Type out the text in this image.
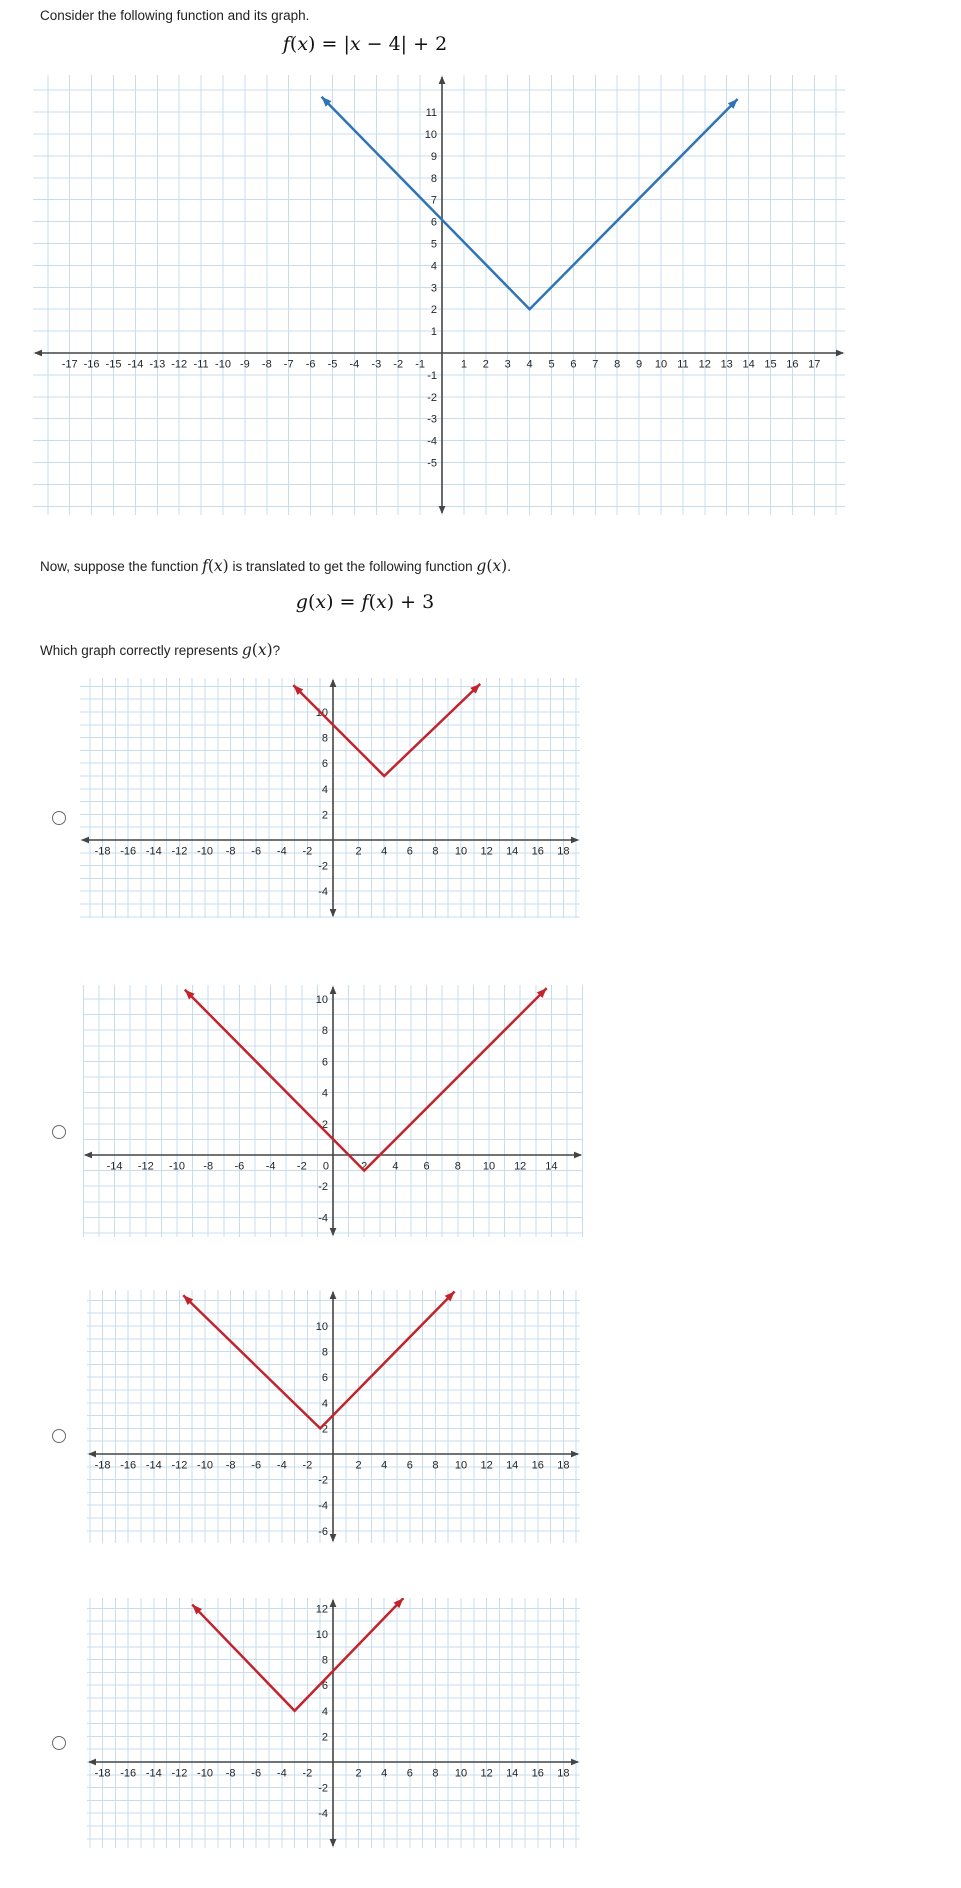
Consider the following function and its graph.
f(x) = |x − 4| + 2
Now, suppose the function f(x) is translated to get the following function g(x).
g(x) = f(x) + 3
Which graph correctly represents g(x)?
-17 -16 -15 -14 -13 -12 -11 -10 -9 -8 -7 -6 -5 -4 -3 -2 -1	1 2 3 4 5 6 7 8 9 10 11 12 13 14 15 16 17
11
10
9
8
7
6
5
4
3
2
1
-1
-2
-3
-4
-5
-18 -16 -14 -12 -10 -8 -6 -4 -2	2 4 6 8 10 12 14 16 18
10
8
6
4
2
-2
-4
-14 -12 -10 -8 -6 -4 -2 0	2 4 6 8 10 12 14
10
8
6
4
2
-2
-4
-18 -16 -14 -12 -10 -8 -6 -4 -2	2 4 6 8 10 12 14 16 18
10
8
6
4
2
-2
-4
-6
-18 -16 -14 -12 -10 -8 -6 -4 -2	2 4 6 8 10 12 14 16 18
12
10
8
6
4
2
-2
-4
